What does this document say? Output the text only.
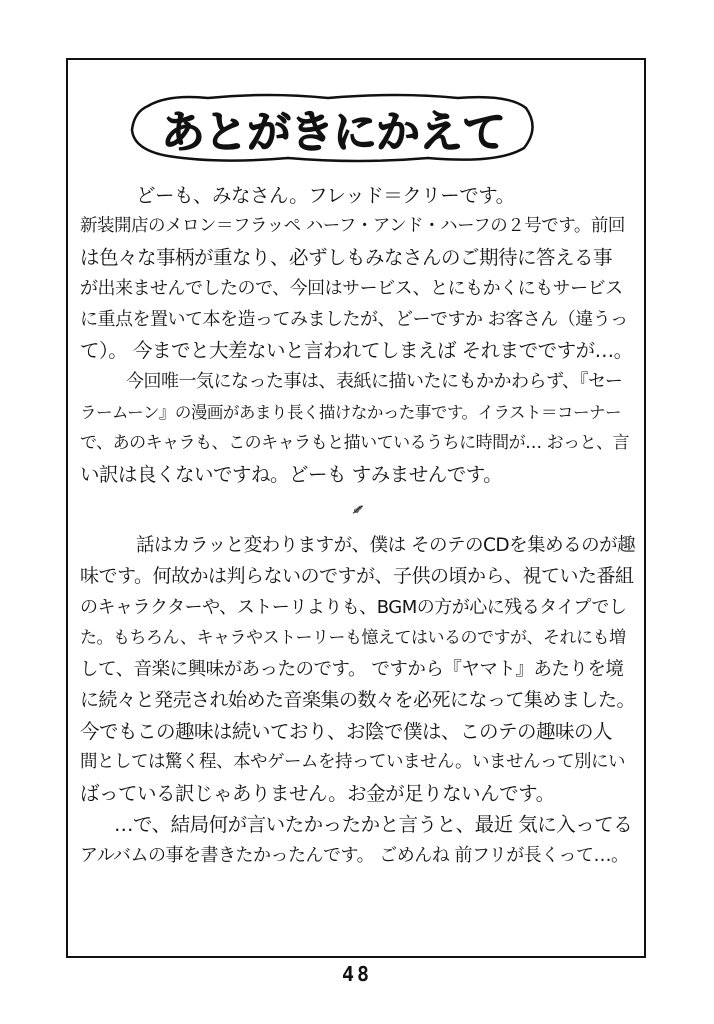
あとがきにかえて
どーも、みなさん。フレッド＝クリーです。
新装開店のメロン＝フラッペ ハーフ・アンド・ハーフの２号です。前回
は色々な事柄が重なり、必ずしもみなさんのご期待に答える事
が出来ませんでしたので、今回はサービス、とにもかくにもサービス
に重点を置いて本を造ってみましたが、どーですか お客さん（違うっ
て）。 今までと大差ないと言われてしまえば それまでですが…。
今回唯一気になった事は、表紙に描いたにもかかわらず、『セー
ラームーン』の漫画があまり長く描けなかった事です。イラスト＝コーナー
で、あのキャラも、このキャラもと描いているうちに時間が… おっと、言
い訳は良くないですね。どーも すみませんです。
⸙
話はカラッと変わりますが、僕は そのテのCDを集めるのが趣
味です。何故かは判らないのですが、子供の頃から、視ていた番組
のキャラクターや、ストーリよりも、BGMの方が心に残るタイプでし
た。もちろん、キャラやストーリーも憶えてはいるのですが、それにも増
して、音楽に興味があったのです。 ですから『ヤマト』あたりを境
に続々と発売され始めた音楽集の数々を必死になって集めました。
今でもこの趣味は続いており、お陰で僕は、このテの趣味の人
間としては驚く程、本やゲームを持っていません。いませんって別にい
ばっている訳じゃありません。お金が足りないんです。
…で、結局何が言いたかったかと言うと、最近 気に入ってる
アルバムの事を書きたかったんです。 ごめんね 前フリが長くって…。
48
